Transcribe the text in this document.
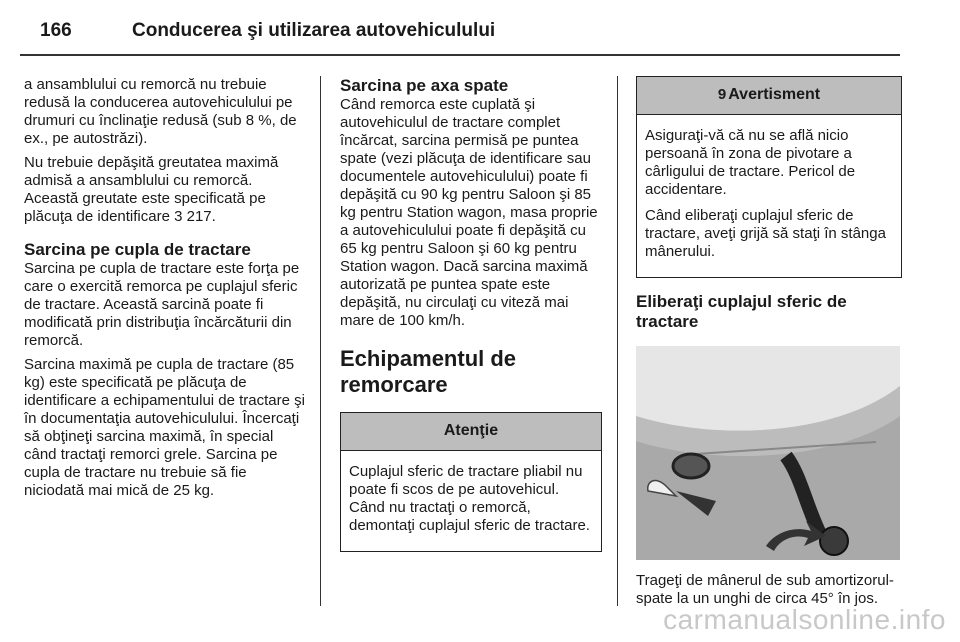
166	Conducerea şi utilizarea autovehiculului

a ansamblului cu remorcă nu trebuie redusă la conducerea autovehiculului pe drumuri cu înclinaţie redusă (sub 8 %, de ex., pe autostrăzi).

Nu trebuie depăşită greutatea maximă admisă a ansamblului cu remorcă. Această greutate este specificată pe plăcuţa de identificare 3 217.

Sarcina pe cupla de tractare

Sarcina pe cupla de tractare este forţa pe care o exercită remorca pe cuplajul sferic de tractare. Această sarcină poate fi modificată prin distribuţia încărcăturii din remorcă.

Sarcina maximă pe cupla de tractare (85 kg) este specificată pe plăcuţa de identificare a echipamentului de tractare şi în documentaţia autovehiculului. Încercaţi să obţineţi sarcina maximă, în special când tractaţi remorci grele. Sarcina pe cupla de tractare nu trebuie să fie niciodată mai mică de 25 kg.

Sarcina pe axa spate

Când remorca este cuplată şi autovehiculul de tractare complet încărcat, sarcina permisă pe puntea spate (vezi plăcuţa de identificare sau documentele autovehiculului) poate fi depăşită cu 90 kg pentru Saloon şi 85 kg pentru Station wagon, masa proprie a autovehiculului poate fi depăşită cu 65 kg pentru Saloon şi 60 kg pentru Station wagon. Dacă sarcina maximă autorizată pe puntea spate este depăşită, nu circulaţi cu viteză mai mare de 100 km/h.

Echipamentul de remorcare
Atenţie

Cuplajul sferic de tractare pliabil nu poate fi scos de pe autovehicul. Când nu tractaţi o remorcă, demontaţi cuplajul sferic de tractare.

9 Avertisment

Asiguraţi-vă că nu se află nicio persoană în zona de pivotare a cârligului de tractare. Pericol de accidentare.

Când eliberaţi cuplajul sferic de tractare, aveţi grijă să staţi în stânga mânerului.

Eliberaţi cuplajul sferic de tractare

Trageţi de mânerul de sub amortizorul-spate la un unghi de circa 45° în jos.

carmanualsonline.info
